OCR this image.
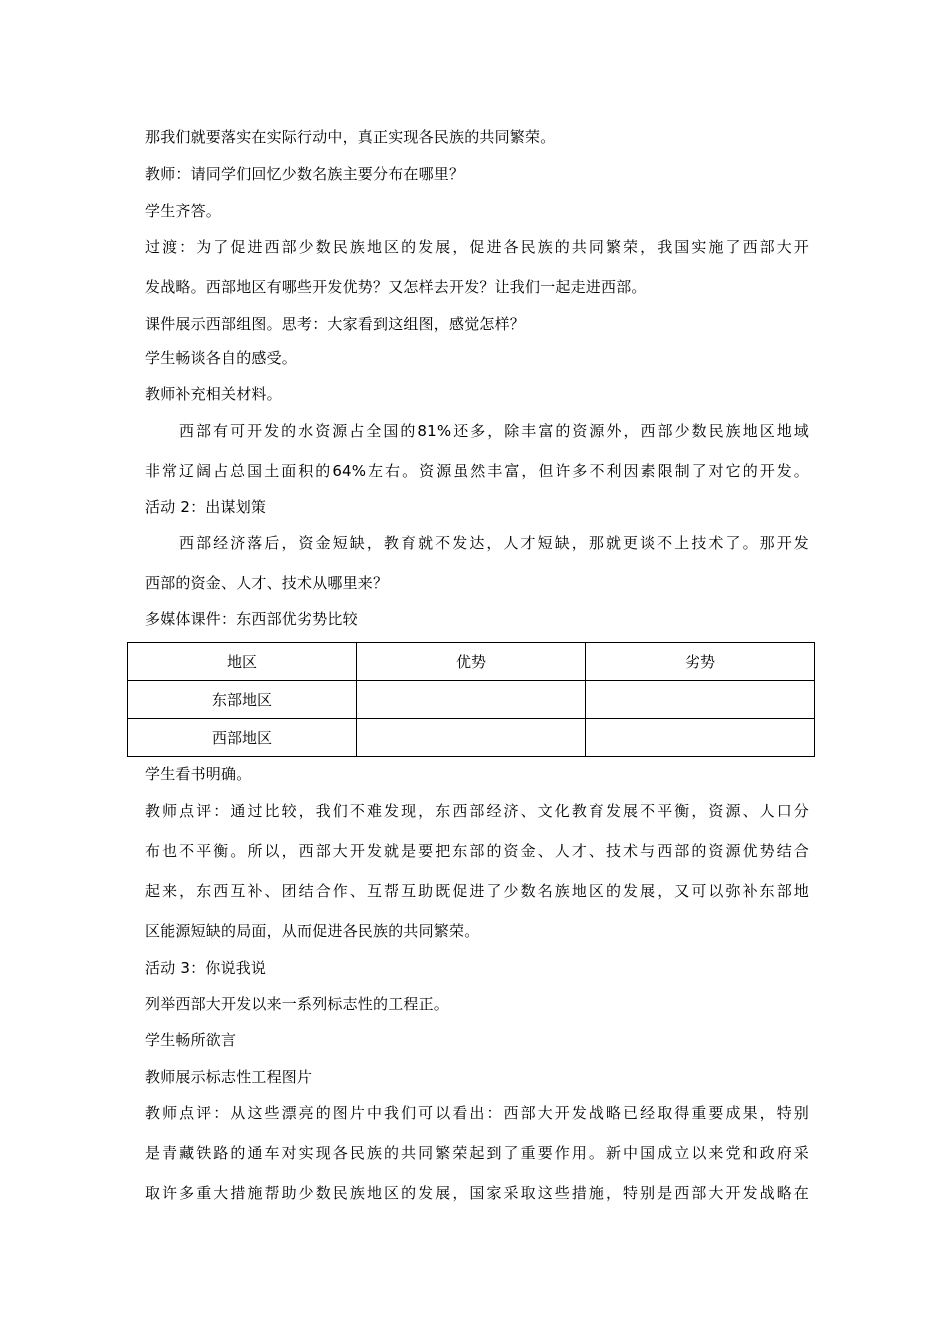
那我们就要落实在实际行动中，真正实现各民族的共同繁荣。
教师：请同学们回忆少数名族主要分布在哪里？
学生齐答。
过渡：为了促进西部少数民族地区的发展，促进各民族的共同繁荣，我国实施了西部大开
发战略。西部地区有哪些开发优势？又怎样去开发？让我们一起走进西部。
课件展示西部组图。思考：大家看到这组图，感觉怎样？
学生畅谈各自的感受。
教师补充相关材料。
西部有可开发的水资源占全国的81%还多，除丰富的资源外，西部少数民族地区地域
非常辽阔占总国土面积的64%左右。资源虽然丰富，但许多不利因素限制了对它的开发。
活动 2：出谋划策
西部经济落后，资金短缺，教育就不发达，人才短缺，那就更谈不上技术了。那开发
西部的资金、人才、技术从哪里来？
多媒体课件：东西部优劣势比较
地区	优势	劣势
东部地区		
西部地区		
学生看书明确。
教师点评：通过比较，我们不难发现，东西部经济、文化教育发展不平衡，资源、人口分
布也不平衡。所以，西部大开发就是要把东部的资金、人才、技术与西部的资源优势结合
起来，东西互补、团结合作、互帮互助既促进了少数名族地区的发展，又可以弥补东部地
区能源短缺的局面，从而促进各民族的共同繁荣。
活动 3：你说我说
列举西部大开发以来一系列标志性的工程正。
学生畅所欲言
教师展示标志性工程图片
教师点评：从这些漂亮的图片中我们可以看出：西部大开发战略已经取得重要成果，特别
是青藏铁路的通车对实现各民族的共同繁荣起到了重要作用。新中国成立以来党和政府采
取许多重大措施帮助少数民族地区的发展，国家采取这些措施，特别是西部大开发战略在
